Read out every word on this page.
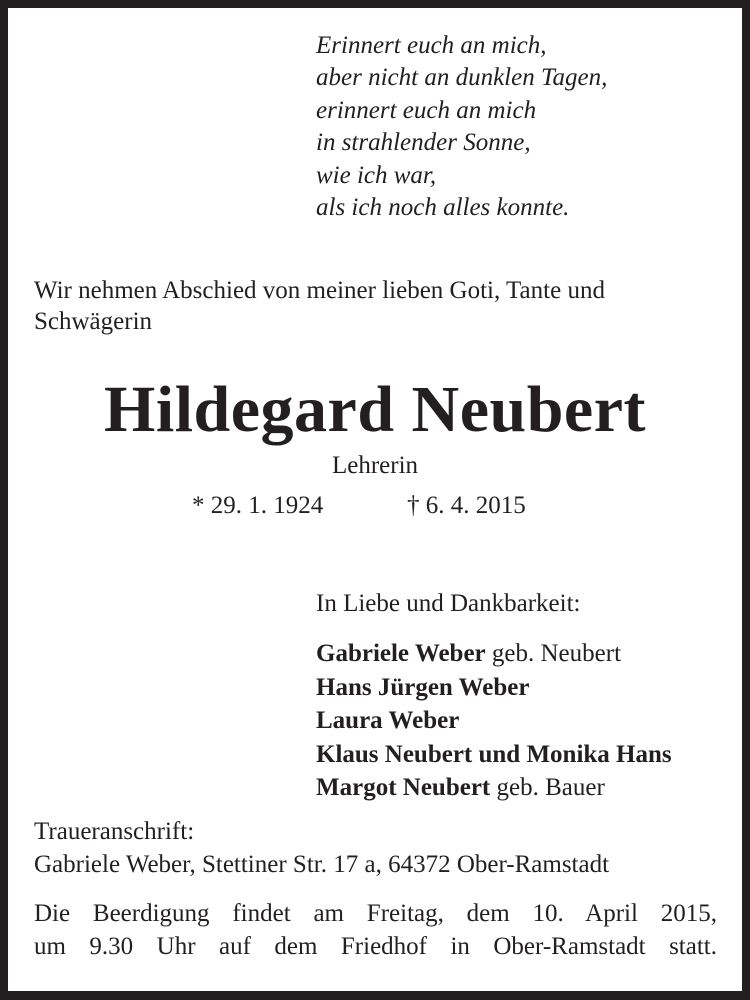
Erinnert euch an mich,
aber nicht an dunklen Tagen,
erinnert euch an mich
in strahlender Sonne,
wie ich war,
als ich noch alles konnte.
Wir nehmen Abschied von meiner lieben Goti, Tante und
Schwägerin
Hildegard Neubert
Lehrerin
* 29. 1. 1924	† 6. 4. 2015
In Liebe und Dankbarkeit:
Gabriele Weber geb. Neubert
Hans Jürgen Weber
Laura Weber
Klaus Neubert und Monika Hans
Margot Neubert geb. Bauer
Traueranschrift:
Gabriele Weber, Stettiner Str. 17 a, 64372 Ober-Ramstadt
Die Beerdigung findet am Freitag, dem 10. April 2015,
um 9.30 Uhr auf dem Friedhof in Ober-Ramstadt statt.
